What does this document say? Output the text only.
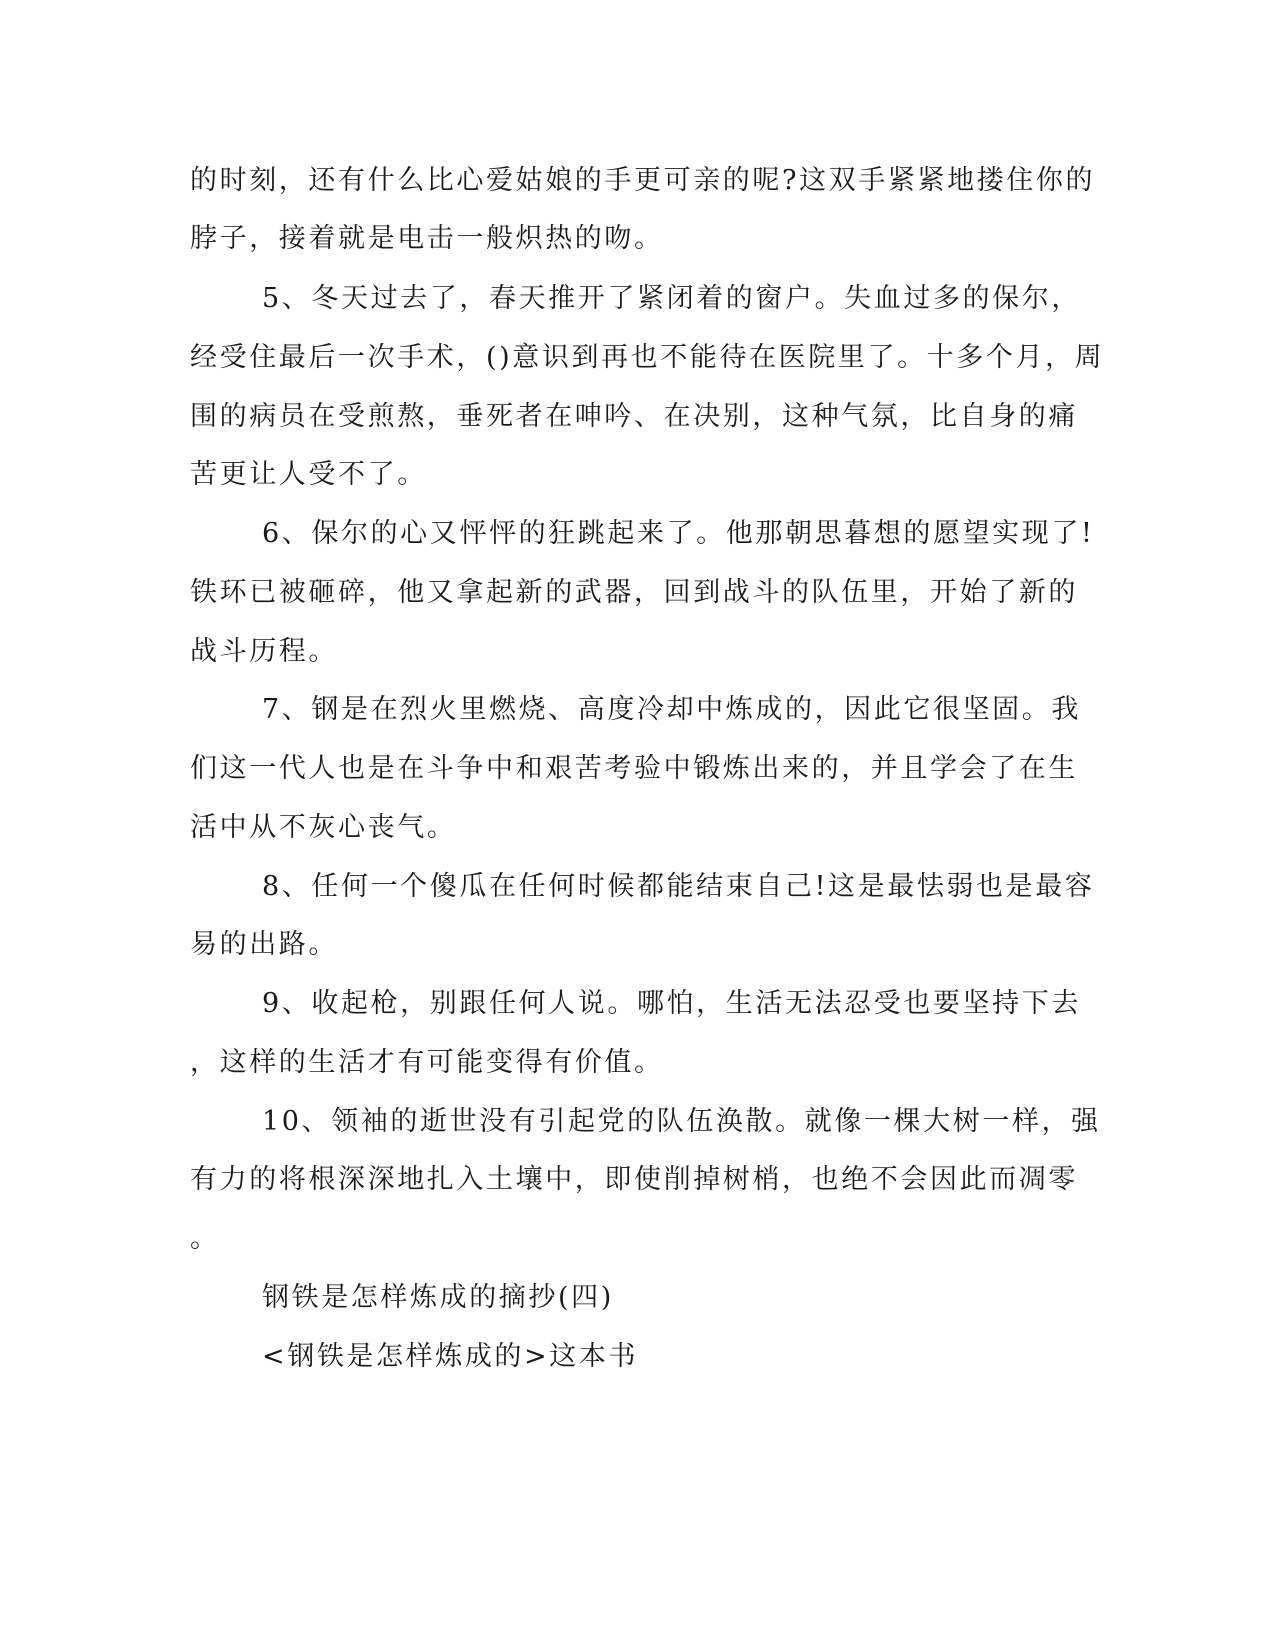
的时刻，还有什么比心爱姑娘的手更可亲的呢?这双手紧紧地搂住你的
脖子，接着就是电击一般炽热的吻。
5、冬天过去了，春天推开了紧闭着的窗户。失血过多的保尔，
经受住最后一次手术，()意识到再也不能待在医院里了。十多个月，周
围的病员在受煎熬，垂死者在呻吟、在决别，这种气氛，比自身的痛
苦更让人受不了。
6、保尔的心又怦怦的狂跳起来了。他那朝思暮想的愿望实现了!
铁环已被砸碎，他又拿起新的武器，回到战斗的队伍里，开始了新的
战斗历程。
7、钢是在烈火里燃烧、高度冷却中炼成的，因此它很坚固。我
们这一代人也是在斗争中和艰苦考验中锻炼出来的，并且学会了在生
活中从不灰心丧气。
8、任何一个傻瓜在任何时候都能结束自己!这是最怯弱也是最容
易的出路。
9、收起枪，别跟任何人说。哪怕，生活无法忍受也要坚持下去
，这样的生活才有可能变得有价值。
10、领袖的逝世没有引起党的队伍涣散。就像一棵大树一样，强
有力的将根深深地扎入土壤中，即使削掉树梢，也绝不会因此而凋零
。
钢铁是怎样炼成的摘抄(四)
<钢铁是怎样炼成的>这本书
